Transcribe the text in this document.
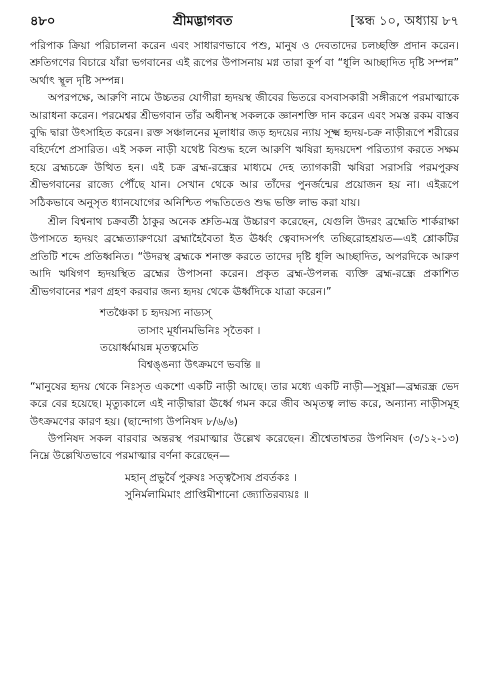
৪৮০	শ্রীমদ্ভাগবত	[স্কন্ধ ১০, অধ্যায় ৮৭

পরিপাক ক্রিয়া পরিচালনা করেন এবং সাধারণভাবে পশু, মানুষ ও দেবতাদের চলচ্ছক্তি প্রদান করেন। শ্রুতিগণের বিচারে যাঁরা ভগবানের এই রূপের উপাসনায় মগ্ন তারা কূর্প বা “ধূলি আচ্ছাদিত দৃষ্টি সম্পন্ন” অর্থাৎ স্থূল দৃষ্টি সম্পন্ন।

অপরপক্ষে, আরুণি নামে উচ্চতর যোগীরা হৃদয়স্থ জীবের ভিতরে বসবাসকারী সঙ্গীরূপে পরমাত্মাকে আরাধনা করেন। পরমেশ্বর শ্রীভগবান তাঁর অধীনস্থ সকলকে জ্ঞানশক্তি দান করেন এবং সমস্ত রকম বাস্তব বুদ্ধি দ্বারা উৎসাহিত করেন। রক্ত সঞ্চালনের মূলাধার জড় হৃদয়ের ন্যায় সূক্ষ্ম হৃদয়-চক্র নাড়ীরূপে শরীরের বহির্দেশে প্রসারিত। এই সকল নাড়ী যথেষ্ট বিশুদ্ধ হলে আরুণি ঋষিরা হৃদয়দেশ পরিত্যাগ করতে সক্ষম হয়ে ব্রহ্মচক্রে উত্থিত হন। এই চক্র ব্রহ্ম-রন্ধ্রের মাধ্যমে দেহ ত্যাগকারী ঋষিরা সরাসরি পরমপুরুষ শ্রীভগবানের রাজ্যে পৌঁছে যান। সেখান থেকে আর তাঁদের পুনর্জন্মের প্রয়োজন হয় না। এইরূপে সঠিকভাবে অনুসৃত ধ্যানযোগের অনিশ্চিত পদ্ধতিতেও শুদ্ধ ভক্তি লাভ করা যায়।

শ্রীল বিশ্বনাথ চক্রবর্তী ঠাকুর অনেক শ্রুতি-মন্ত্র উচ্চারণ করেছেন, যেগুলি উদরং ব্রহ্মেতি শার্করাক্ষা উপাসতে হৃদয়ং ব্রহ্মেত্যারুণয়ো ব্রহ্মাহৈবৈতা ইত ঊর্ধ্বং ত্বেবাদসর্পৎ তচ্ছিরোহশ্রয়ত—এই শ্লোকটির প্রতিটি শব্দে প্রতিধ্বনিত। “উদরস্থ ব্রহ্মকে শনাক্ত করতে তাদের দৃষ্টি ধূলি আচ্ছাদিত, অপরদিকে আরুণ আদি ঋষিগণ হৃদয়স্থিত ব্রহ্মের উপাসনা করেন। প্রকৃত ব্রহ্ম-উপলব্ধ ব্যক্তি ব্রহ্ম-রন্ধ্রে প্রকাশিত শ্রীভগবানের শরণ গ্রহণ করবার জন্য হৃদয় থেকে ঊর্ধ্বদিকে যাত্রা করেন।”

শতঞ্চৈকা চ হৃদয়স্য নাড্যস্
তাসাং মূর্ধানমভিনিঃ সৃতৈকা ।
তয়োর্ধ্বমায়ন্ন মৃতত্বমেতি
বিশ্বঙ্ঙন্যা উৎক্রমণে ভবন্তি ॥

“মানুষের হৃদয় থেকে নিঃসৃত একশো একটি নাড়ী আছে। তার মধ্যে একটি নাড়ী—সুষুম্না—ব্রহ্মরন্ধ্র ভেদ করে বের হয়েছে। মৃত্যুকালে এই নাড়ীদ্বারা ঊর্ধ্বে গমন করে জীব অমৃতত্ব লাভ করে, অন্যান্য নাড়ীসমূহ উৎক্রমণের কারণ হয়। (ছান্দোগ্য উপনিষদ ৮/৬/৬)

উপনিষদ সকল বারবার অন্তরস্থ পরমাত্মার উল্লেখ করেছেন। শ্রীশ্বেতাশ্বতর উপনিষদ (৩/১২-১৩) নিম্নে উল্লেখিতভাবে পরমাত্মার বর্ণনা করেছেন—

মহান্ প্রভুর্বৈ পুরুষঃ সত্ত্বস্যৈষ প্রবর্তকঃ ।
সুনির্মলামিমাং প্রাপ্তিমীশানো জ্যোতিরব্যয়ঃ ॥
